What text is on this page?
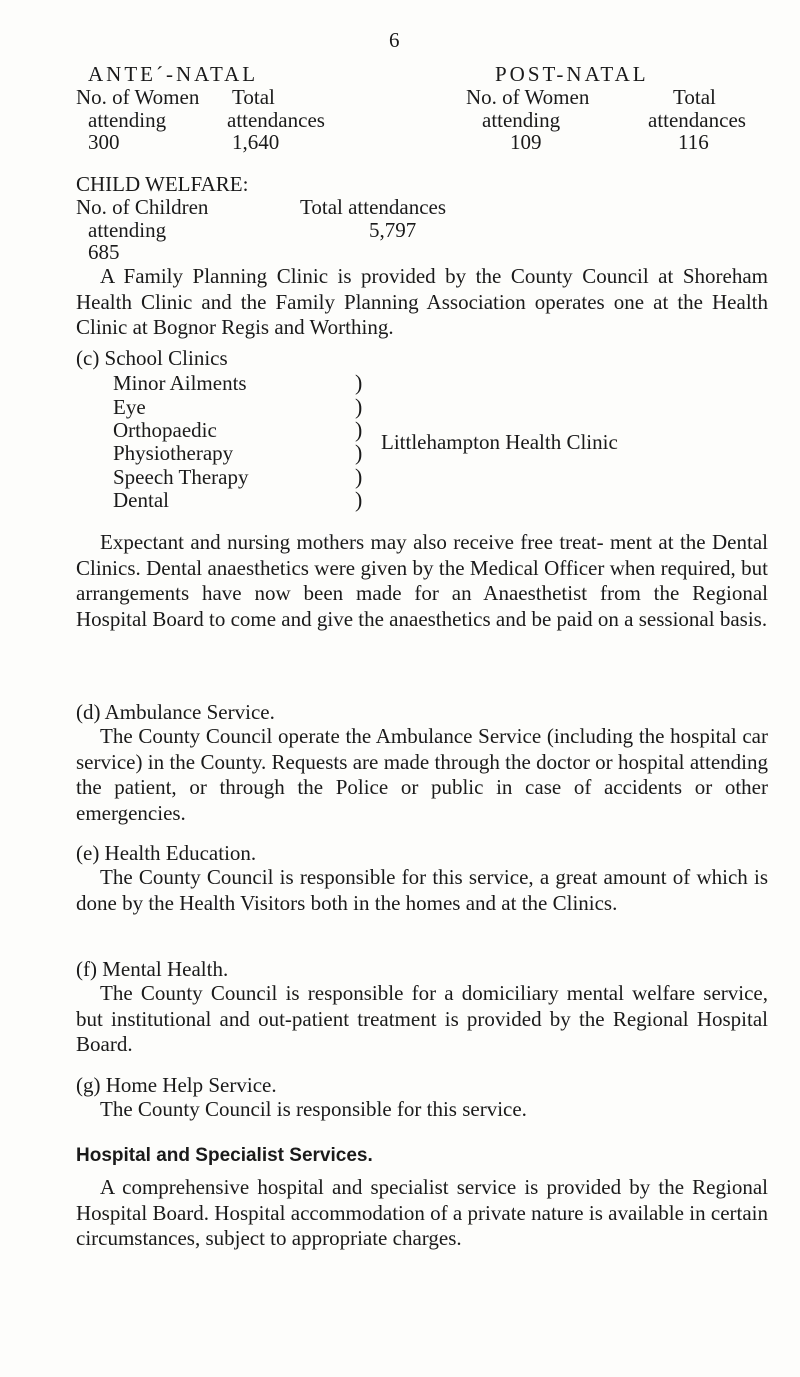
6
ANTE´-NATAL
No. of Women
attending
300
Total
attendances
1,640
POST-NATAL
No. of Women
attending
109
Total
attendances
116
CHILD WELFARE:
No. of Children
attending
685
Total attendances
5,797
A Family Planning Clinic is provided by the County Council at Shoreham Health Clinic and the Family Planning Association operates one at the Health Clinic at Bognor Regis and Worthing.
(c) School Clinics
Minor Ailments
Eye
Orthopaedic
Physiotherapy
Speech Therapy
Dental
)
)
)
)
)
)
Littlehampton Health Clinic
Expectant and nursing mothers may also receive free treat- ment at the Dental Clinics. Dental anaesthetics were given by the Medical Officer when required, but arrangements have now been made for an Anaesthetist from the Regional Hospital Board to come and give the anaesthetics and be paid on a sessional basis.
(d) Ambulance Service.
The County Council operate the Ambulance Service (including the hospital car service) in the County. Requests are made through the doctor or hospital attending the patient, or through the Police or public in case of accidents or other emergencies.
(e) Health Education.
The County Council is responsible for this service, a great amount of which is done by the Health Visitors both in the homes and at the Clinics.
(f) Mental Health.
The County Council is responsible for a domiciliary mental welfare service, but institutional and out-patient treatment is provided by the Regional Hospital Board.
(g) Home Help Service.
The County Council is responsible for this service.
Hospital and Specialist Services.
A comprehensive hospital and specialist service is provided by the Regional Hospital Board. Hospital accommodation of a private nature is available in certain circumstances, subject to appropriate charges.
